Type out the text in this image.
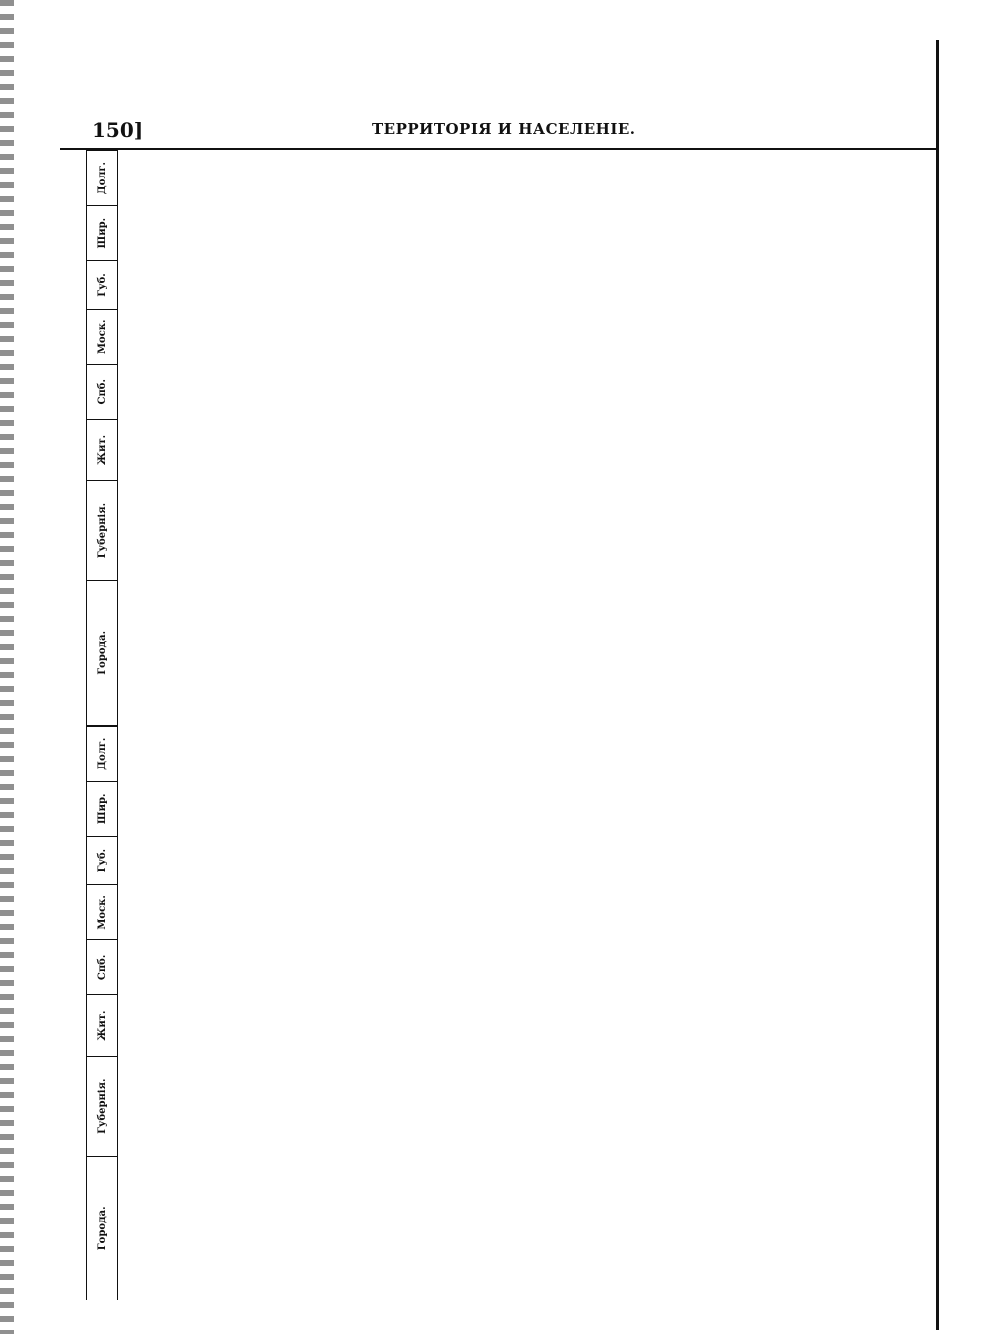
150]	ТЕРРИТОРІЯ И НАСЕЛЕНІЕ.
Города.	Губернія.	Жит.	Спб.	Моск.	Губ.	Шир.	Долг.	Города.	Губернія.	Жит.	Спб.	Моск.	Губ.	Шир.	Долг.
